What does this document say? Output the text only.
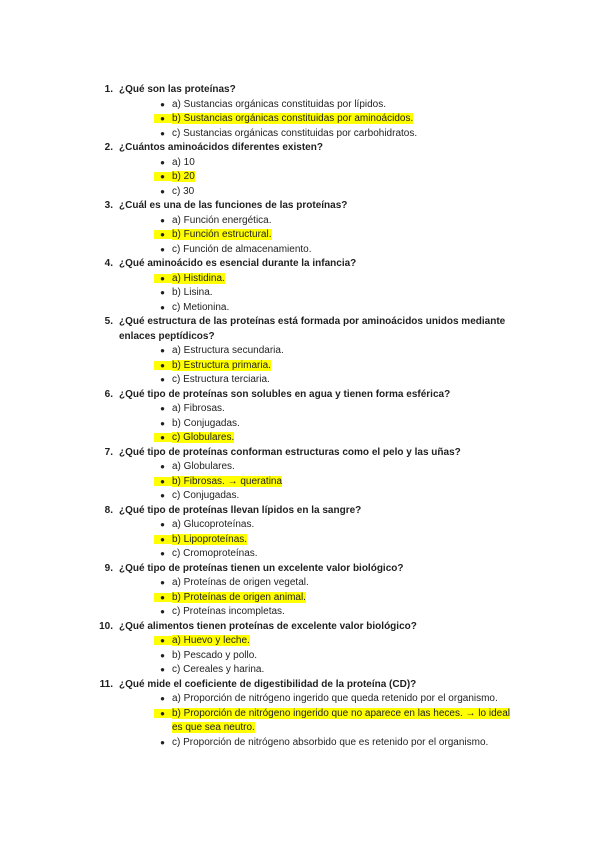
1. ¿Qué son las proteínas?
● a) Sustancias orgánicas constituidas por lípidos.
● b) Sustancias orgánicas constituidas por aminoácidos.
● c) Sustancias orgánicas constituidas por carbohidratos.
2. ¿Cuántos aminoácidos diferentes existen?
● a) 10
● b) 20
● c) 30
3. ¿Cuál es una de las funciones de las proteínas?
● a) Función energética.
● b) Función estructural.
● c) Función de almacenamiento.
4. ¿Qué aminoácido es esencial durante la infancia?
● a) Histidina.
● b) Lisina.
● c) Metionina.
5. ¿Qué estructura de las proteínas está formada por aminoácidos unidos mediante enlaces peptídicos?
● a) Estructura secundaria.
● b) Estructura primaria.
● c) Estructura terciaria.
6. ¿Qué tipo de proteínas son solubles en agua y tienen forma esférica?
● a) Fibrosas.
● b) Conjugadas.
● c) Globulares.
7. ¿Qué tipo de proteínas conforman estructuras como el pelo y las uñas?
● a) Globulares.
● b) Fibrosas. → queratina
● c) Conjugadas.
8. ¿Qué tipo de proteínas llevan lípidos en la sangre?
● a) Glucoproteínas.
● b) Lipoproteínas.
● c) Cromoproteínas.
9. ¿Qué tipo de proteínas tienen un excelente valor biológico?
● a) Proteínas de origen vegetal.
● b) Proteínas de origen animal.
● c) Proteínas incompletas.
10. ¿Qué alimentos tienen proteínas de excelente valor biológico?
● a) Huevo y leche.
● b) Pescado y pollo.
● c) Cereales y harina.
11. ¿Qué mide el coeficiente de digestibilidad de la proteína (CD)?
● a) Proporción de nitrógeno ingerido que queda retenido por el organismo.
● b) Proporción de nitrógeno ingerido que no aparece en las heces. → lo ideal es que sea neutro.
● c) Proporción de nitrógeno absorbido que es retenido por el organismo.
